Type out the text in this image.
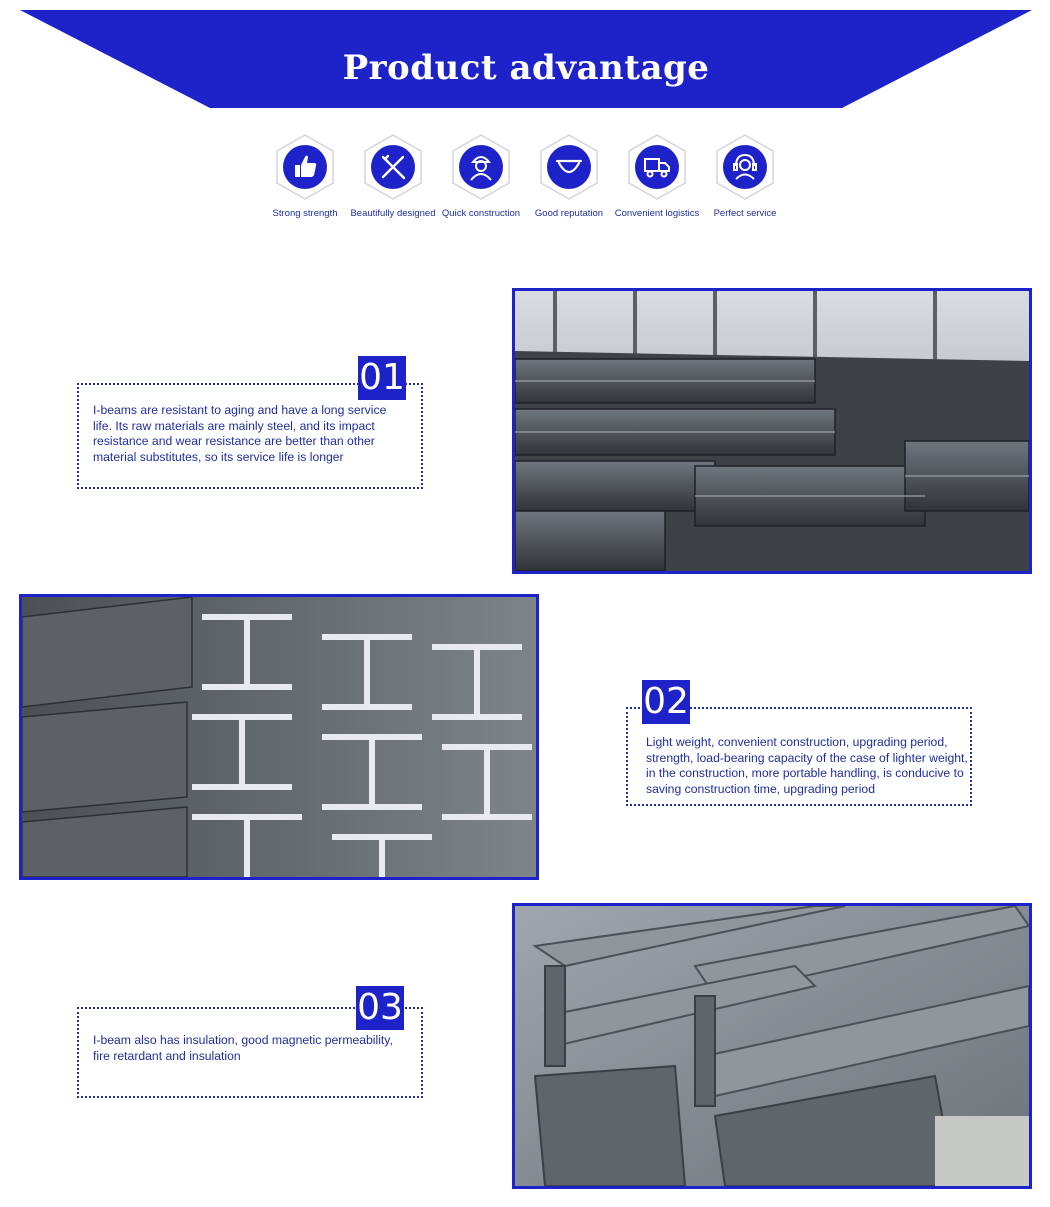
Product advantage
Strong strength	Beautifully designed Quick construction	Good reputation	Convenient logistics	Perfect service
I-beams are resistant to aging and have a long service life. Its raw materials are mainly steel, and its impact resistance and wear resistance are better than other material substitutes, so its service life is longer
01
Light weight, convenient construction, upgrading period, strength, load-bearing capacity of the case of lighter weight, in the construction, more portable handling, is conducive to saving construction time, upgrading period
02
I-beam also has insulation, good magnetic permeability, fire retardant and insulation
03
